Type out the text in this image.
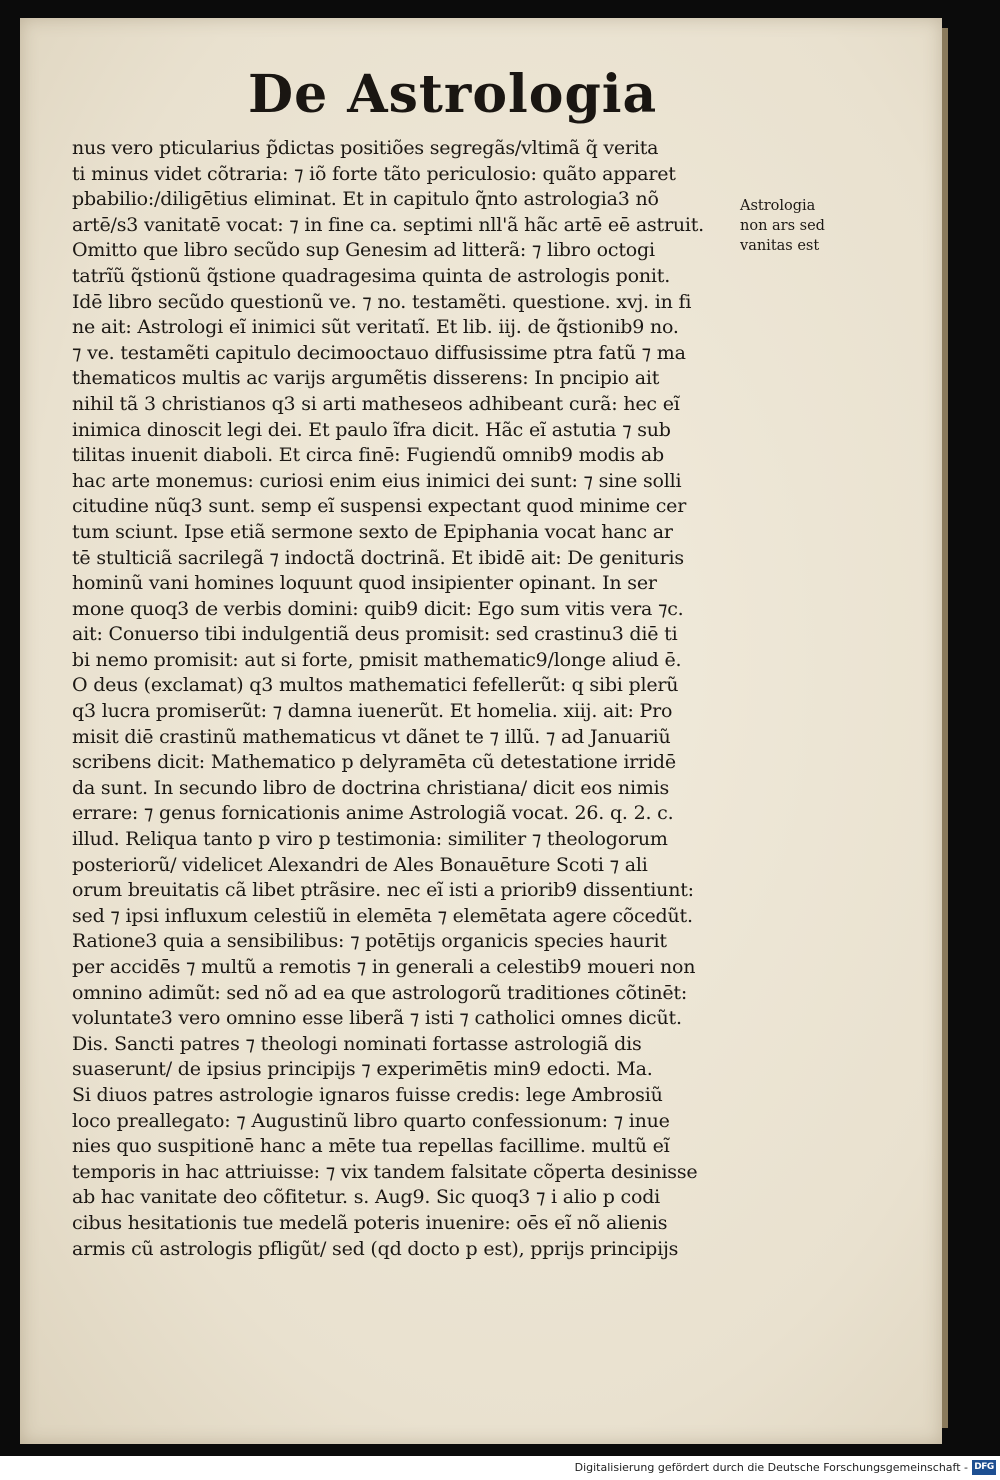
De Astrologia
nus vero pticularius p̃dictas positiões segregãs/vltimã q̃ verita
ti minus videt cõtraria: ⁊ iõ forte tãto periculosio: quãto apparet
pbabilio:/diligētius eliminat. Et in capitulo q̃nto astrologia3 nõ
artē/s3 vanitatē vocat: ⁊ in fine ca. septimi nll'ã hãc artē eē astruit.
Omitto que libro secũdo sup Genesim ad litterã: ⁊ libro octogi
tatrĩũ q̃stionũ q̃stione quadragesima quinta de astrologis ponit.
Idē libro secũdo questionũ ve. ⁊ no. testamẽti. questione. xvj. in fi
ne ait: Astrologi eĩ inimici sũt veritatĩ. Et lib. iij. de q̃stionib9 no.
⁊ ve. testamẽti capitulo decimooctauo diffusissime ptra fatũ ⁊ ma
thematicos multis ac varijs argumẽtis disserens: In pncipio ait
nihil tã 3 christianos q3 si arti matheseos adhibeant curã: hec eĩ
inimica dinoscit legi dei. Et paulo ĩfra dicit. Hãc eĩ astutia ⁊ sub
tilitas inuenit diaboli. Et circa finē: Fugiendũ omnib9 modis ab
hac arte monemus: curiosi enim eius inimici dei sunt: ⁊ sine solli
citudine nũq3 sunt. semp eĩ suspensi expectant quod minime cer
tum sciunt. Ipse etiã sermone sexto de Epiphania vocat hanc ar
tē stulticiã sacrilegã ⁊ indoctã doctrinã. Et ibidē ait: De genituris
hominũ vani homines loquunt quod insipienter opinant. In ser
mone quoq3 de verbis domini: quib9 dicit: Ego sum vitis vera ⁊c.
ait: Conuerso tibi indulgentiã deus promisit: sed crastinu3 diē ti
bi nemo promisit: aut si forte, pmisit mathematic9/longe aliud ē.
O deus (exclamat) q3 multos mathematici fefellerũt: q sibi plerũ
q3 lucra promiserũt: ⁊ damna iuenerũt. Et homelia. xiij. ait: Pro
misit diē crastinũ mathematicus vt dãnet te ⁊ illũ. ⁊ ad Januariũ
scribens dicit: Mathematico p delyramēta cũ detestatione irridē
da sunt. In secundo libro de doctrina christiana/ dicit eos nimis
errare: ⁊ genus fornicationis anime Astrologiã vocat. 26. q. 2. c.
illud. Reliqua tanto p viro p testimonia: similiter ⁊ theologorum
posteriorũ/ videlicet Alexandri de Ales Bonauēture Scoti ⁊ ali
orum breuitatis cã libet ptrãsire. nec eĩ isti a priorib9 dissentiunt:
sed ⁊ ipsi influxum celestiũ in elemēta ⁊ elemētata agere cõcedũt.
Ratione3 quia a sensibilibus: ⁊ potētijs organicis species haurit
per accidēs ⁊ multũ a remotis ⁊ in generali a celestib9 moueri non
omnino adimũt: sed nõ ad ea que astrologorũ traditiones cõtinēt:
voluntate3 vero omnino esse liberã ⁊ isti ⁊ catholici omnes dicũt.
Dis. Sancti patres ⁊ theologi nominati fortasse astrologiã dis
suaserunt/ de ipsius principijs ⁊ experimētis min9 edocti. Ma.
Si diuos patres astrologie ignaros fuisse credis: lege Ambrosiũ
loco preallegato: ⁊ Augustinũ libro quarto confessionum: ⁊ inue
nies quo suspitionē hanc a mēte tua repellas facillime. multũ eĩ
temporis in hac attriuisse: ⁊ vix tandem falsitate cõperta desinisse
ab hac vanitate deo cõfitetur. s. Aug9. Sic quoq3 ⁊ i alio p codi
cibus hesitationis tue medelã poteris inuenire: oēs eĩ nõ alienis
armis cũ astrologis pfligũt/ sed (qd docto p est), pprijs principijs
Astrologia
non ars sed
vanitas est
Digitalisierung gefördert durch die Deutsche Forschungsgemeinschaft - DFG
